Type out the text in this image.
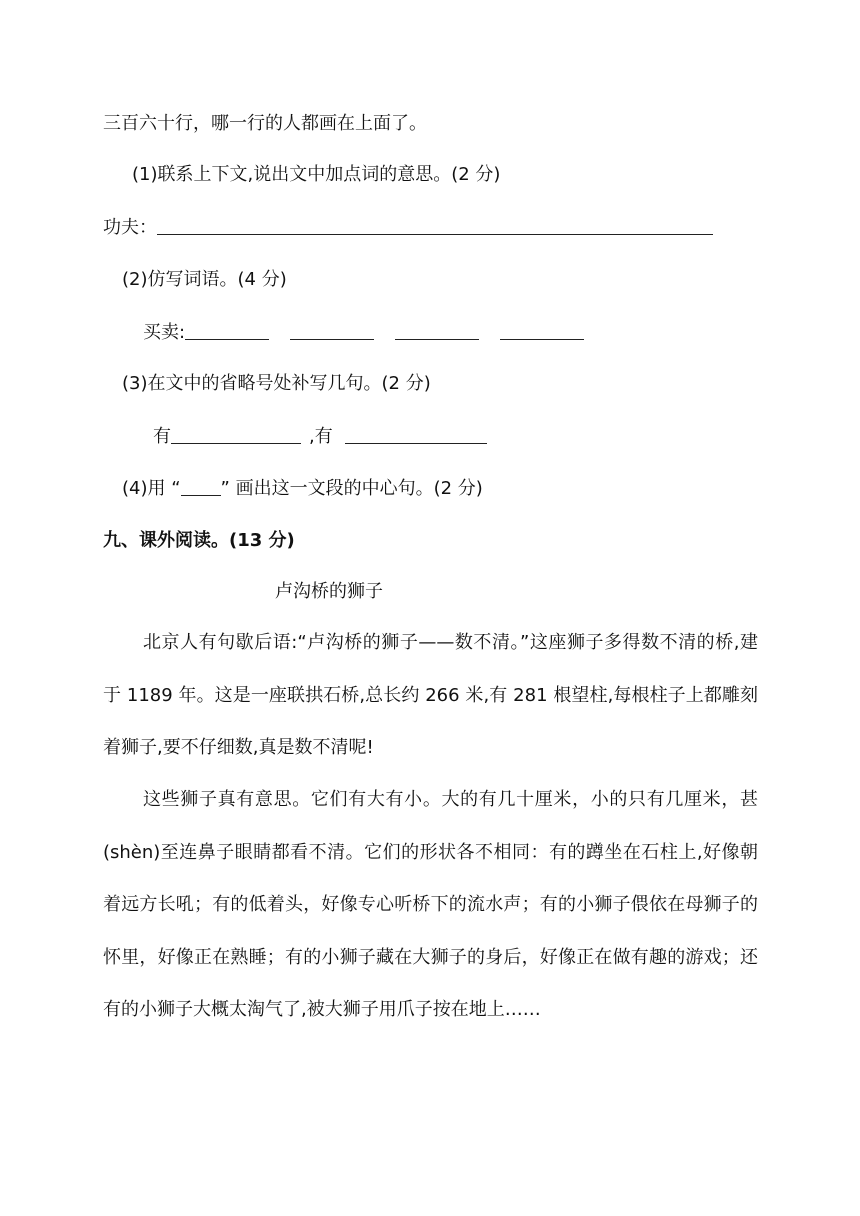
三百六十行，哪一行的人都画在上面了。
(1)联系上下文,说出文中加点词的意思。(2 分)
功夫：
(2)仿写词语。(4 分)
买卖:
(3)在文中的省略号处补写几句。(2 分)
有	,有
(4)用 “ ” 画出这一文段的中心句。(2 分)
九、课外阅读。(13 分)
卢沟桥的狮子
北京人有句歇后语:“卢沟桥的狮子——数不清。”这座狮子多得数不清的桥,建于 1189 年。这是一座联拱石桥,总长约 266 米,有 281 根望柱,每根柱子上都雕刻着狮子,要不仔细数,真是数不清呢!
这些狮子真有意思。它们有大有小。大的有几十厘米，小的只有几厘米，甚(shèn)至连鼻子眼睛都看不清。它们的形状各不相同：有的蹲坐在石柱上,好像朝着远方长吼；有的低着头，好像专心听桥下的流水声；有的小狮子偎依在母狮子的怀里，好像正在熟睡；有的小狮子藏在大狮子的身后，好像正在做有趣的游戏；还有的小狮子大概太淘气了,被大狮子用爪子按在地上……
